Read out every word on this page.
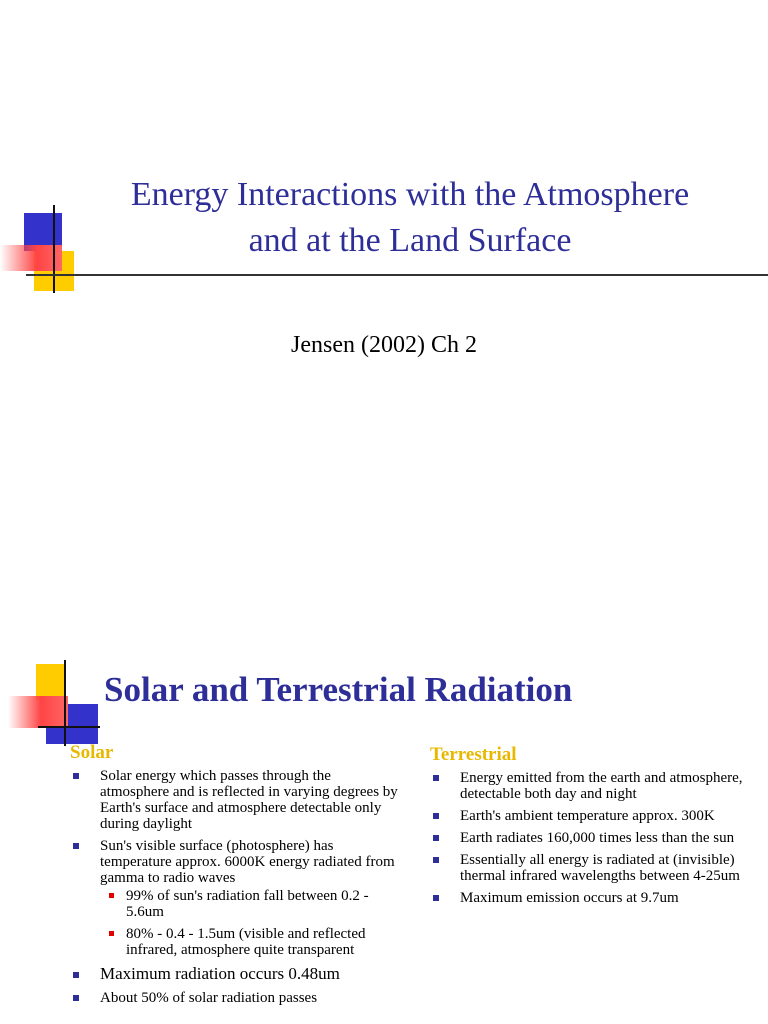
Energy Interactions with the Atmosphere
and at the Land Surface
Jensen (2002) Ch 2
Solar and Terrestrial Radiation
Solar
Solar energy which passes through the atmosphere and is reflected in varying degrees by Earth's surface and atmosphere detectable only during daylight
Sun's visible surface (photosphere) has temperature approx. 6000K energy radiated from gamma to radio waves
99% of sun's radiation fall between 0.2 - 5.6um
80% - 0.4 - 1.5um (visible and reflected infrared, atmosphere quite transparent
Maximum radiation occurs 0.48um
About 50% of solar radiation passes
Terrestrial
Energy emitted from the earth and atmosphere, detectable both day and night
Earth's ambient temperature approx. 300K
Earth radiates 160,000 times less than the sun
Essentially all energy is radiated at (invisible) thermal infrared wavelengths between 4-25um
Maximum emission occurs at 9.7um
